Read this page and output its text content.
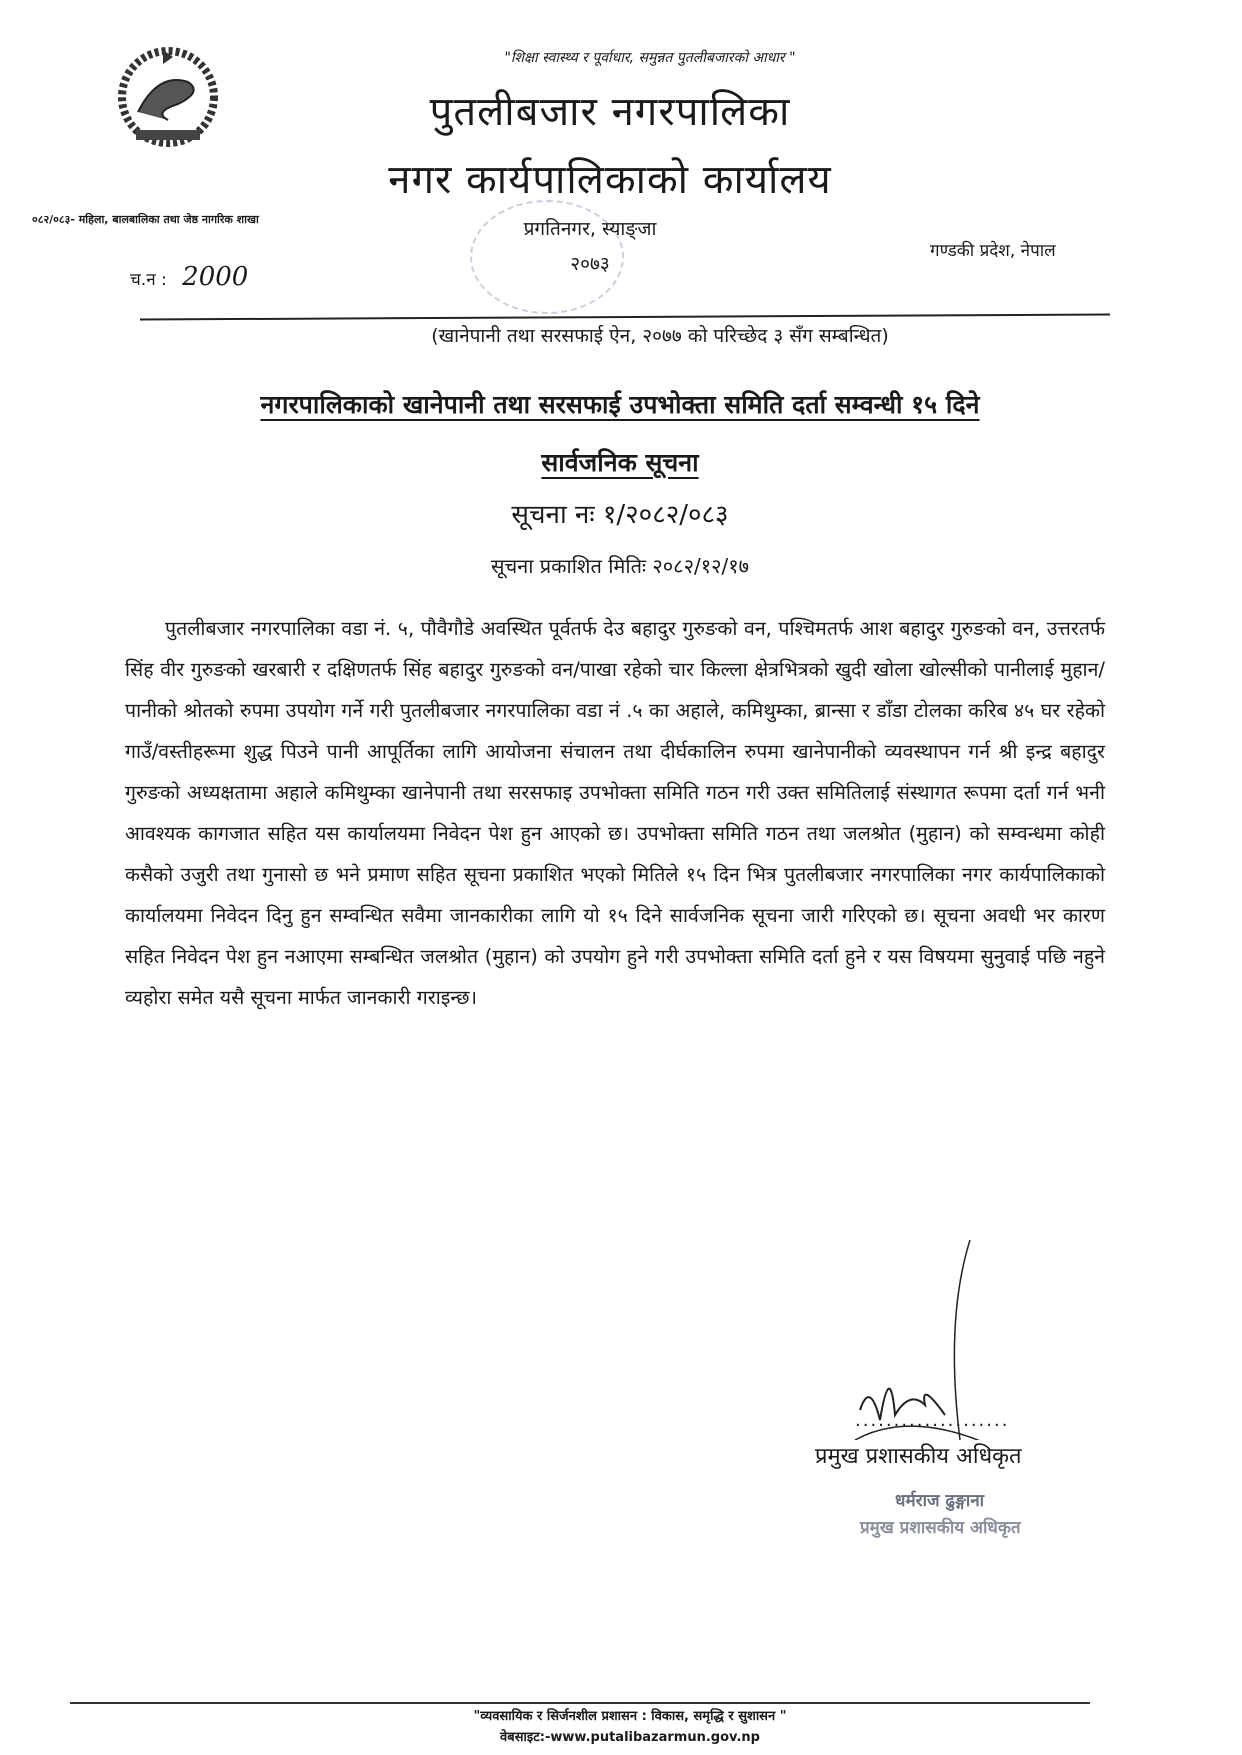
"शिक्षा स्वास्थ्य र पूर्वाधार, समुन्नत पुतलीबजारको आधार "
पुतलीबजार नगरपालिका
नगर कार्यपालिकाको कार्यालय
०८२/०८३- महिला, बालबालिका तथा जेष्ठ नागरिक शाखा	प्रगतिनगर, स्याङ्जा
२०७३
गण्डकी प्रदेश, नेपाल
च.न : 2000
(खानेपानी तथा सरसफाई ऐन, २०७७ को परिच्छेद ३ सँग सम्बन्धित)
नगरपालिकाको खानेपानी तथा सरसफाई उपभोक्ता समिति दर्ता सम्वन्धी १५ दिने
सार्वजनिक सूचना
सूचना नः १/२०८२/०८३
सूचना प्रकाशित मितिः २०८२/१२/१७
पुतलीबजार नगरपालिका वडा नं. ५, पौवैगौडे अवस्थित पूर्वतर्फ देउ बहादुर गुरुङको वन, पश्चिमतर्फ आश बहादुर गुरुङको वन, उत्तरतर्फ सिंह वीर गुरुङको खरबारी र दक्षिणतर्फ सिंह बहादुर गुरुङको वन/पाखा रहेको चार किल्ला क्षेत्रभित्रको खुदी खोला खोल्सीको पानीलाई मुहान/ पानीको श्रोतको रुपमा उपयोग गर्ने गरी पुतलीबजार नगरपालिका वडा नं .५ का अहाले, कमिथुम्का, ब्रान्सा र डाँडा टोलका करिब ४५ घर रहेको गाउँ/वस्तीहरूमा शुद्ध पिउने पानी आपूर्तिका लागि आयोजना संचालन तथा दीर्घकालिन रुपमा खानेपानीको व्यवस्थापन गर्न श्री इन्द्र बहादुर गुरुङको अध्यक्षतामा अहाले कमिथुम्का खानेपानी तथा सरसफाइ उपभोक्ता समिति गठन गरी उक्त समितिलाई संस्थागत रूपमा दर्ता गर्न भनी आवश्यक कागजात सहित यस कार्यालयमा निवेदन पेश हुन आएको छ। उपभोक्ता समिति गठन तथा जलश्रोत (मुहान) को सम्वन्धमा कोही कसैको उजुरी तथा गुनासो छ भने प्रमाण सहित सूचना प्रकाशित भएको मितिले १५ दिन भित्र पुतलीबजार नगरपालिका नगर कार्यपालिकाको कार्यालयमा निवेदन दिनु हुन सम्वन्धित सवैमा जानकारीका लागि यो १५ दिने सार्वजनिक सूचना जारी गरिएको छ। सूचना अवधी भर कारण सहित निवेदन पेश हुन नआएमा सम्बन्धित जलश्रोत (मुहान) को उपयोग हुने गरी उपभोक्ता समिति दर्ता हुने र यस विषयमा सुनुवाई पछि नहुने व्यहोरा समेत यसै सूचना मार्फत जानकारी गराइन्छ।
....................
प्रमुख प्रशासकीय अधिकृत
धर्मराज ढुङ्गाना
प्रमुख प्रशासकीय अधिकृत
"व्यवसायिक र सिर्जनशील प्रशासन : विकास, समृद्धि र सुशासन "
वेबसाइट:-www.putalibazarmun.gov.np
